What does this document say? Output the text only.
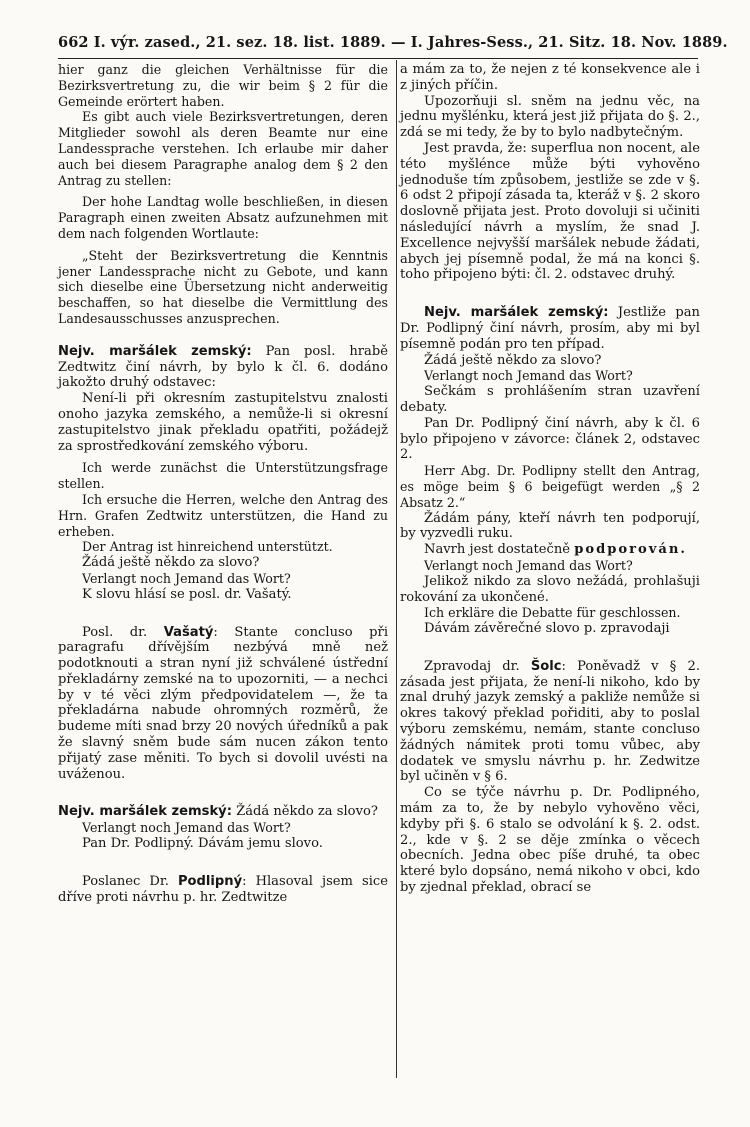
662 I. výr. zased., 21. sez. 18. list. 1889. — I. Jahres-Sess., 21. Sitz. 18. Nov. 1889.

hier ganz die gleichen Verhältnisse für die Bezirksvertretung zu, die wir beim § 2 für die Gemeinde erörtert haben.

Es gibt auch viele Bezirksvertretungen, deren Mitglieder sowohl als deren Beamte nur eine Landessprache verstehen. Ich erlaube mir daher auch bei diesem Paragraphe analog dem § 2 den Antrag zu stellen:

Der hohe Landtag wolle beschließen, in diesen Paragraph einen zweiten Absatz aufzunehmen mit dem nach folgenden Wortlaute:

„Steht der Bezirksvertretung die Kenntnis jener Landessprache nicht zu Gebote, und kann sich dieselbe eine Übersetzung nicht anderweitig beschaffen, so hat dieselbe die Vermittlung des Landesausschusses anzusprechen.

Nejv. maršálek zemský: Pan posl. hrabě Zedtwitz činí návrh, by bylo k čl. 6. dodáno jakožto druhý odstavec:

Není-li při okresním zastupitelstvu znalosti onoho jazyka zemského, a nemůže-li si okresní zastupitelstvo jinak překladu opatřiti, požádejž za sprostředkování zemského výboru.

Ich werde zunächst die Unterstützungsfrage stellen.

Ich ersuche die Herren, welche den Antrag des Hrn. Grafen Zedtwitz unterstützen, die Hand zu erheben.

Der Antrag ist hinreichend unterstützt.

Žádá ještě někdo za slovo?

Verlangt noch Jemand das Wort?

K slovu hlásí se posl. dr. Vašatý.

Posl. dr. Vašatý: Stante concluso při paragrafu dřívějším nezbývá mně než podotknouti a stran nyní již schválené ústřední překladárny zemské na to upozorniti, — a nechci by v té věci zlým předpovidatelem —, že ta překladárna nabude ohromných rozměrů, že budeme míti snad brzy 20 nových úředníků a pak že slavný sněm bude sám nucen zákon tento přijatý zase měniti. To bych si dovolil uvésti na uváženou.

Nejv. maršálek zemský: Žádá někdo za slovo?

Verlangt noch Jemand das Wort?

Pan Dr. Podlipný. Dávám jemu slovo.

Poslanec Dr. Podlipný: Hlasoval jsem sice dříve proti návrhu p. hr. Zedtwitze

a mám za to, že nejen z té konsekvence ale i z jiných příčin.

Upozorňuji sl. sněm na jednu věc, na jednu myšlénku, která jest již přijata do §. 2., zdá se mi tedy, že by to bylo nadbytečným.

Jest pravda, že: superflua non nocent, ale této myšlénce může býti vyhověno jednoduše tím způsobem, jestliže se zde v §. 6 odst 2 připojí zásada ta, kteráž v §. 2 skoro doslovně přijata jest. Proto dovoluji si učiniti následující návrh a myslím, že snad J. Excellence nejvyšší maršálek nebude žádati, abych jej písemně podal, že má na konci §. toho připojeno býti: čl. 2. odstavec druhý.

Nejv. maršálek zemský: Jestliže pan Dr. Podlipný činí návrh, prosím, aby mi byl písemně podán pro ten případ.

Žádá ještě někdo za slovo?

Verlangt noch Jemand das Wort?

Sečkám s prohlášením stran uzavření debaty.

Pan Dr. Podlipný činí návrh, aby k čl. 6 bylo připojeno v závorce: článek 2, odstavec 2.

Herr Abg. Dr. Podlipny stellt den Antrag, es möge beim § 6 beigefügt werden „§ 2 Absatz 2.“

Žádám pány, kteří návrh ten podporují, by vyzvedli ruku.

Navrh jest dostatečně podporován.

Verlangt noch Jemand das Wort?

Jelikož nikdo za slovo nežádá, prohlašuji rokování za ukončené.

Ich erkläre die Debatte für geschlossen.

Dávám závěrečné slovo p. zpravodaji

Zpravodaj dr. Šolc: Poněvadž v § 2. zásada jest přijata, že není-li nikoho, kdo by znal druhý jazyk zemský a pakliže nemůže si okres takový překlad pořiditi, aby to poslal výboru zemskému, nemám, stante concluso žádných námitek proti tomu vůbec, aby dodatek ve smyslu návrhu p. hr. Zedwitze byl učiněn v § 6.

Co se týče návrhu p. Dr. Podlipného, mám za to, že by nebylo vyhověno věci, kdyby při §. 6 stalo se odvolání k §. 2. odst. 2., kde v §. 2 se děje zmínka o věcech obecních. Jedna obec píše druhé, ta obec které bylo dopsáno, nemá nikoho v obci, kdo by zjednal překlad, obrací se
